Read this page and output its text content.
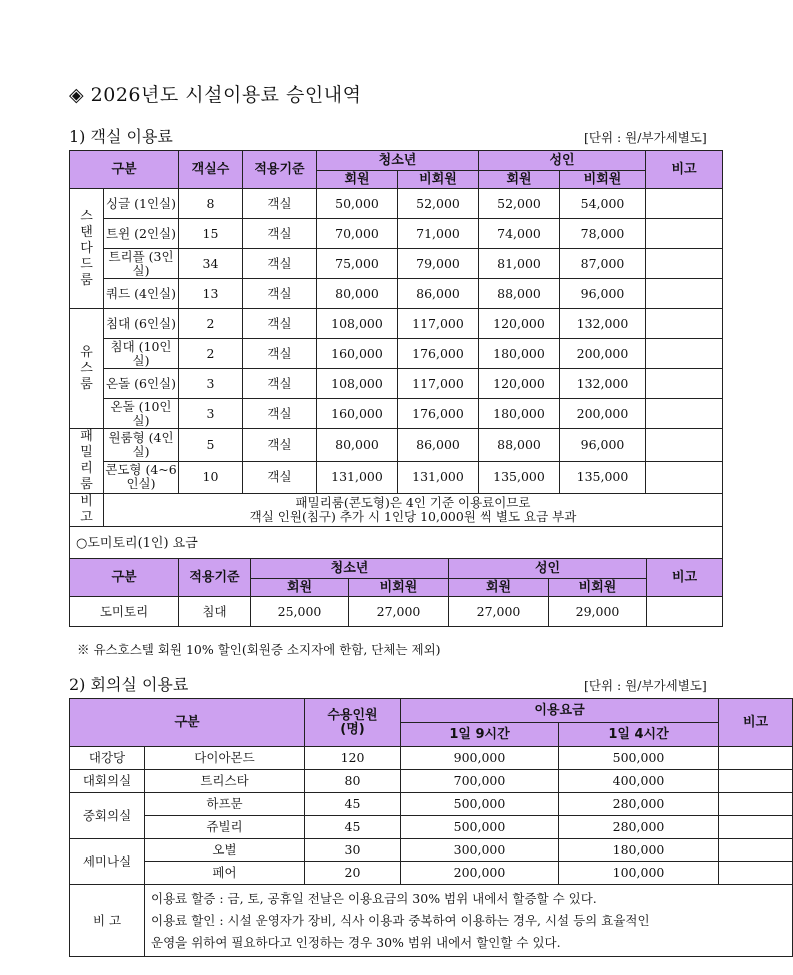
◈ 2026년도 시설이용료 승인내역
1) 객실 이용료	[단위 : 원/부가세별도]
구분		객실수	적용기준	청소년		성인		비고
				회원	비회원	회원	비회원	
스탠다드룸	싱글 (1인실)	8	객실	50,000	52,000	52,000	54,000	
	트윈 (2인실)	15	객실	70,000	71,000	74,000	78,000	
	트리플 (3인실)	34	객실	75,000	79,000	81,000	87,000	
	쿼드 (4인실)	13	객실	80,000	86,000	88,000	96,000	
유스룸	침대 (6인실)	2	객실	108,000	117,000	120,000	132,000	
	침대 (10인실)	2	객실	160,000	176,000	180,000	200,000	
	온돌 (6인실)	3	객실	108,000	117,000	120,000	132,000	
	온돌 (10인실)	3	객실	160,000	176,000	180,000	200,000	
패밀리룸	원룸형 (4인실)	5	객실	80,000	86,000	88,000	96,000	
	콘도형 (4~6인실)	10	객실	131,000	131,000	135,000	135,000	
비고	패밀리룸(콘도형)은 4인 기준 이용료이므로
객실 인원(침구) 추가 시 1인당 10,000원 씩 별도 요금 부과							

○도미토리(1인) 요금								
구분	적용기준	청소년		성인		비고
		회원	비회원	회원	비회원	
도미토리	침대	25,000	27,000	27,000	29,000	
※ 유스호스텔 회원 10% 할인(회원증 소지자에 한함, 단체는 제외)
2) 회의실 이용료	[단위 : 원/부가세별도]
구분		수용인원
(명)	이용요금		비고
			1일 9시간	1일 4시간	
대강당	다이아몬드	120	900,000	500,000	
대회의실	트리스타	80	700,000	400,000	
중회의실	하프문	45	500,000	280,000	
	쥬빌리	45	500,000	280,000	
세미나실	오벌	30	300,000	180,000	
	페어	20	200,000	100,000	
비 고	이용료 할증 : 금, 토, 공휴일 전날은 이용요금의 30% 범위 내에서 할증할 수 있다.
이용료 할인 : 시설 운영자가 장비, 식사 이용과 중복하여 이용하는 경우, 시설 등의 효율적인
운영을 위하여 필요하다고 인정하는 경우 30% 범위 내에서 할인할 수 있다.				
